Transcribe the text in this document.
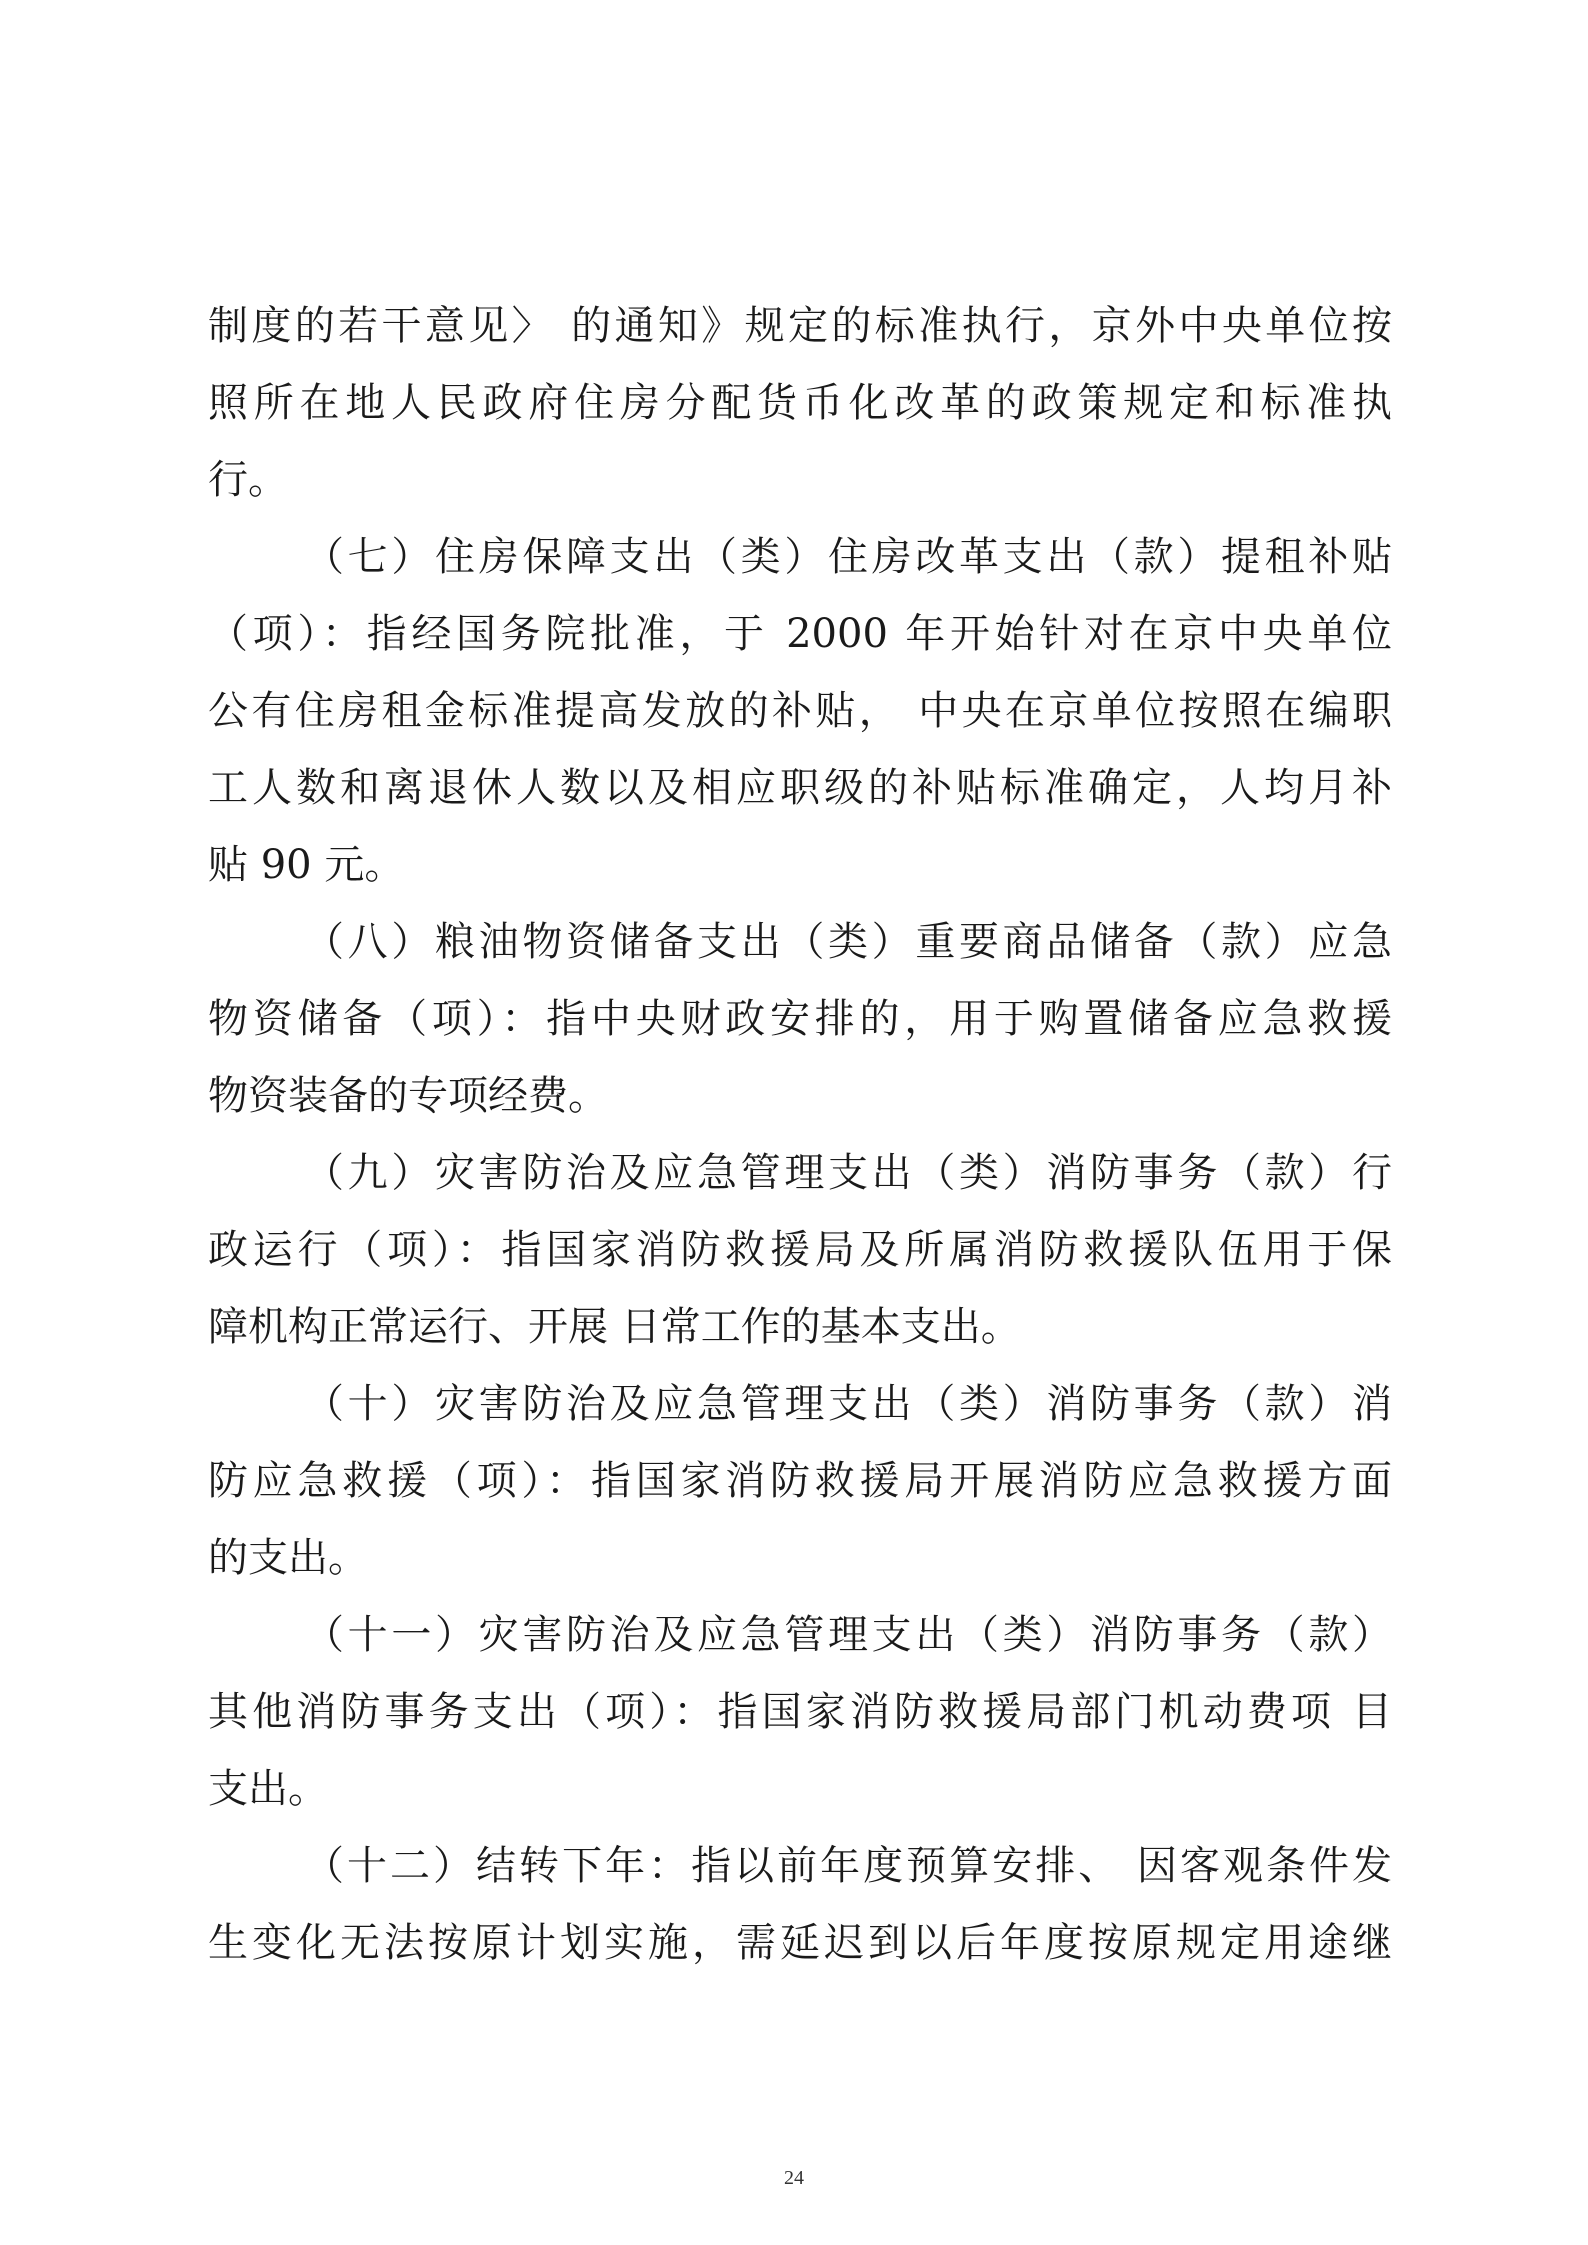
制度的若干意见〉 的通知》规定的标准执行，京外中央单位按
照所在地人民政府住房分配货币化改革的政策规定和标准执
行。
（七）住房保障支出（类）住房改革支出（款）提租补贴
（项）：指经国务院批准，于 2000 年开始针对在京中央单位
公有住房租金标准提高发放的补贴， 中央在京单位按照在编职
工人数和离退休人数以及相应职级的补贴标准确定，人均月补
贴 90 元。
（八）粮油物资储备支出（类）重要商品储备（款）应急
物资储备（项）：指中央财政安排的，用于购置储备应急救援
物资装备的专项经费。
（九）灾害防治及应急管理支出（类）消防事务（款）行
政运行（项）：指国家消防救援局及所属消防救援队伍用于保
障机构正常运行、开展 日常工作的基本支出。
（十）灾害防治及应急管理支出（类）消防事务（款）消
防应急救援（项）：指国家消防救援局开展消防应急救援方面
的支出。
（十一）灾害防治及应急管理支出（类）消防事务（款）
其他消防事务支出（项）：指国家消防救援局部门机动费项 目
支出。
（十二）结转下年：指以前年度预算安排、 因客观条件发
生变化无法按原计划实施，需延迟到以后年度按原规定用途继
24
